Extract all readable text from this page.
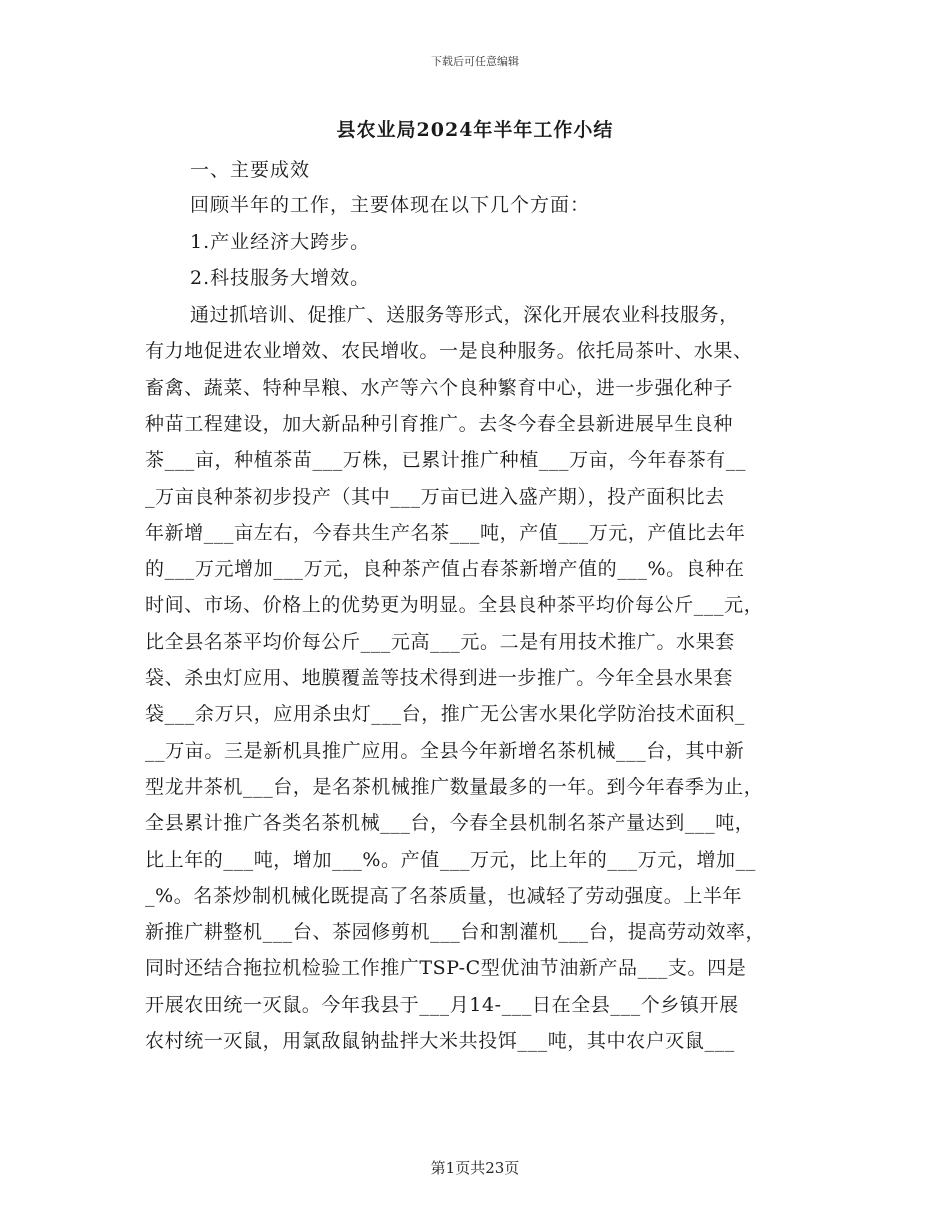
下载后可任意编辑
县农业局2024年半年工作小结
一、主要成效
回顾半年的工作，主要体现在以下几个方面：
1.产业经济大跨步。
2.科技服务大增效。
通过抓培训、促推广、送服务等形式，深化开展农业科技服务，
有力地促进农业增效、农民增收。一是良种服务。依托局茶叶、水果、
畜禽、蔬菜、特种旱粮、水产等六个良种繁育中心，进一步强化种子
种苗工程建设，加大新品种引育推广。去冬今春全县新进展早生良种
茶___亩，种植茶苗___万株，已累计推广种植___万亩，今年春茶有__
_万亩良种茶初步投产（其中___万亩已进入盛产期），投产面积比去
年新增___亩左右，今春共生产名茶___吨，产值___万元，产值比去年
的___万元增加___万元，良种茶产值占春茶新增产值的___%。良种在
时间、市场、价格上的优势更为明显。全县良种茶平均价每公斤___元，
比全县名茶平均价每公斤___元高___元。二是有用技术推广。水果套
袋、杀虫灯应用、地膜覆盖等技术得到进一步推广。今年全县水果套
袋___余万只，应用杀虫灯___台，推广无公害水果化学防治技术面积_
__万亩。三是新机具推广应用。全县今年新增名茶机械___台，其中新
型龙井茶机___台，是名茶机械推广数量最多的一年。到今年春季为止，
全县累计推广各类名茶机械___台，今春全县机制名茶产量达到___吨，
比上年的___吨，增加___%。产值___万元，比上年的___万元，增加__
_%。名茶炒制机械化既提高了名茶质量，也减轻了劳动强度。上半年
新推广耕整机___台、茶园修剪机___台和割灌机___台，提高劳动效率，
同时还结合拖拉机检验工作推广TSP-C型优油节油新产品___支。四是
开展农田统一灭鼠。今年我县于___月14-___日在全县___个乡镇开展
农村统一灭鼠，用氯敌鼠钠盐拌大米共投饵___吨，其中农户灭鼠___
第1页共23页
